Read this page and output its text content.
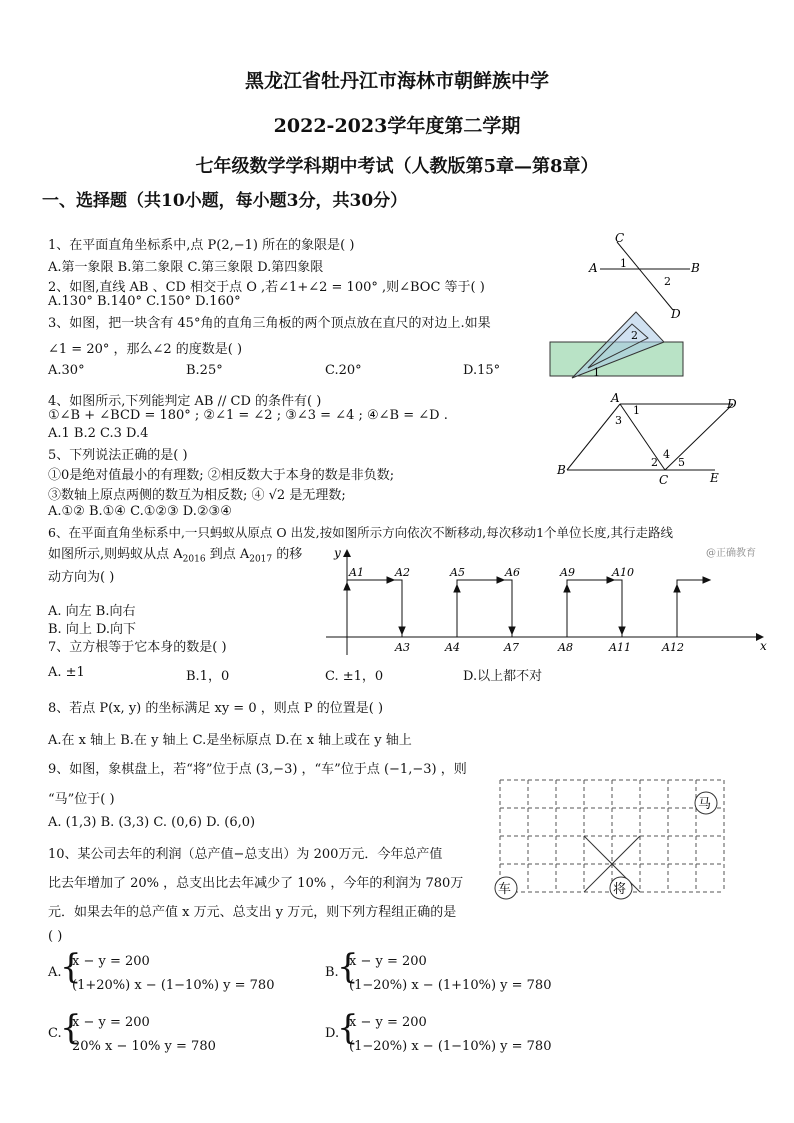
黑龙江省牡丹江市海林市朝鲜族中学
2022-2023学年度第二学期
七年级数学学科期中考试（人教版第5章—第8章）
一、选择题（共10小题，每小题3分，共30分）
1、在平面直角坐标系中,点 P(2,−1) 所在的象限是( )
A.第一象限 B.第二象限 C.第三象限 D.第四象限
2、如图,直线 AB 、CD 相交于点 O ,若∠1+∠2 = 100° ,则∠BOC 等于( )
A.130° B.140° C.150° D.160°
3、如图，把一块含有 45°角的直角三角板的两个顶点放在直尺的对边上.如果
∠1 = 20° ，那么∠2 的度数是( )
A.30°	B.25°	C.20°	D.15°
4、如图所示,下列能判定 AB // CD 的条件有( )
①∠B + ∠BCD = 180° ; ②∠1 = ∠2 ; ③∠3 = ∠4 ; ④∠B = ∠D .
A.1 B.2 C.3 D.4
5、下列说法正确的是( )
①0是绝对值最小的有理数; ②相反数大于本身的数是非负数;
③数轴上原点两侧的数互为相反数; ④ √2 是无理数;
A.①② B.①④ C.①②③ D.②③④
6、在平面直角坐标系中,一只蚂蚁从原点 O 出发,按如图所示方向依次不断移动,每次移动1个单位长度,其行走路线
如图所示,则蚂蚁从点 $A_{2016}$ 到点 $A_{2017}$ 的移	@正确教育
动方向为( )
A. 向左 B.向右
B. 向上 D.向下
7、立方根等于它本身的数是( )
A. ±1	B.1，0	C. ±1，0	D.以上都不对
8、若点 P(x, y) 的坐标满足 xy = 0 ，则点 P 的位置是( )
A.在 x 轴上 B.在 y 轴上 C.是坐标原点 D.在 x 轴上或在 y 轴上
9、如图，象棋盘上，若“将”位于点 (3,−3) ，“车”位于点 (−1,−3) ，则
“马”位于( )
A. (1,3) B. (3,3) C. (0,6) D. (6,0)
10、某公司去年的利润（总产值−总支出）为 200万元．今年总产值
比去年增加了 20% ，总支出比去年减少了 10% ，今年的利润为 780万
元．如果去年的总产值 x 万元、总支出 y 万元，则下列方程组正确的是
( )
A.
{
x − y = 200
(1+20%) x − (1−10%) y = 780
B.
{
x − y = 200
(1−20%) x − (1+10%) y = 780
C.
{
x − y = 200
20% x − 10% y = 780
D.
{
x − y = 200
(1−20%) x − (1−10%) y = 780
C
A	B
D
1
2
2
1
A	D
B
C	E
1
3
4
2 5
y
x
A1	A2	A5	A6	A9	A10
A3	A4	A7	A8	A11	A12
马
车	将
